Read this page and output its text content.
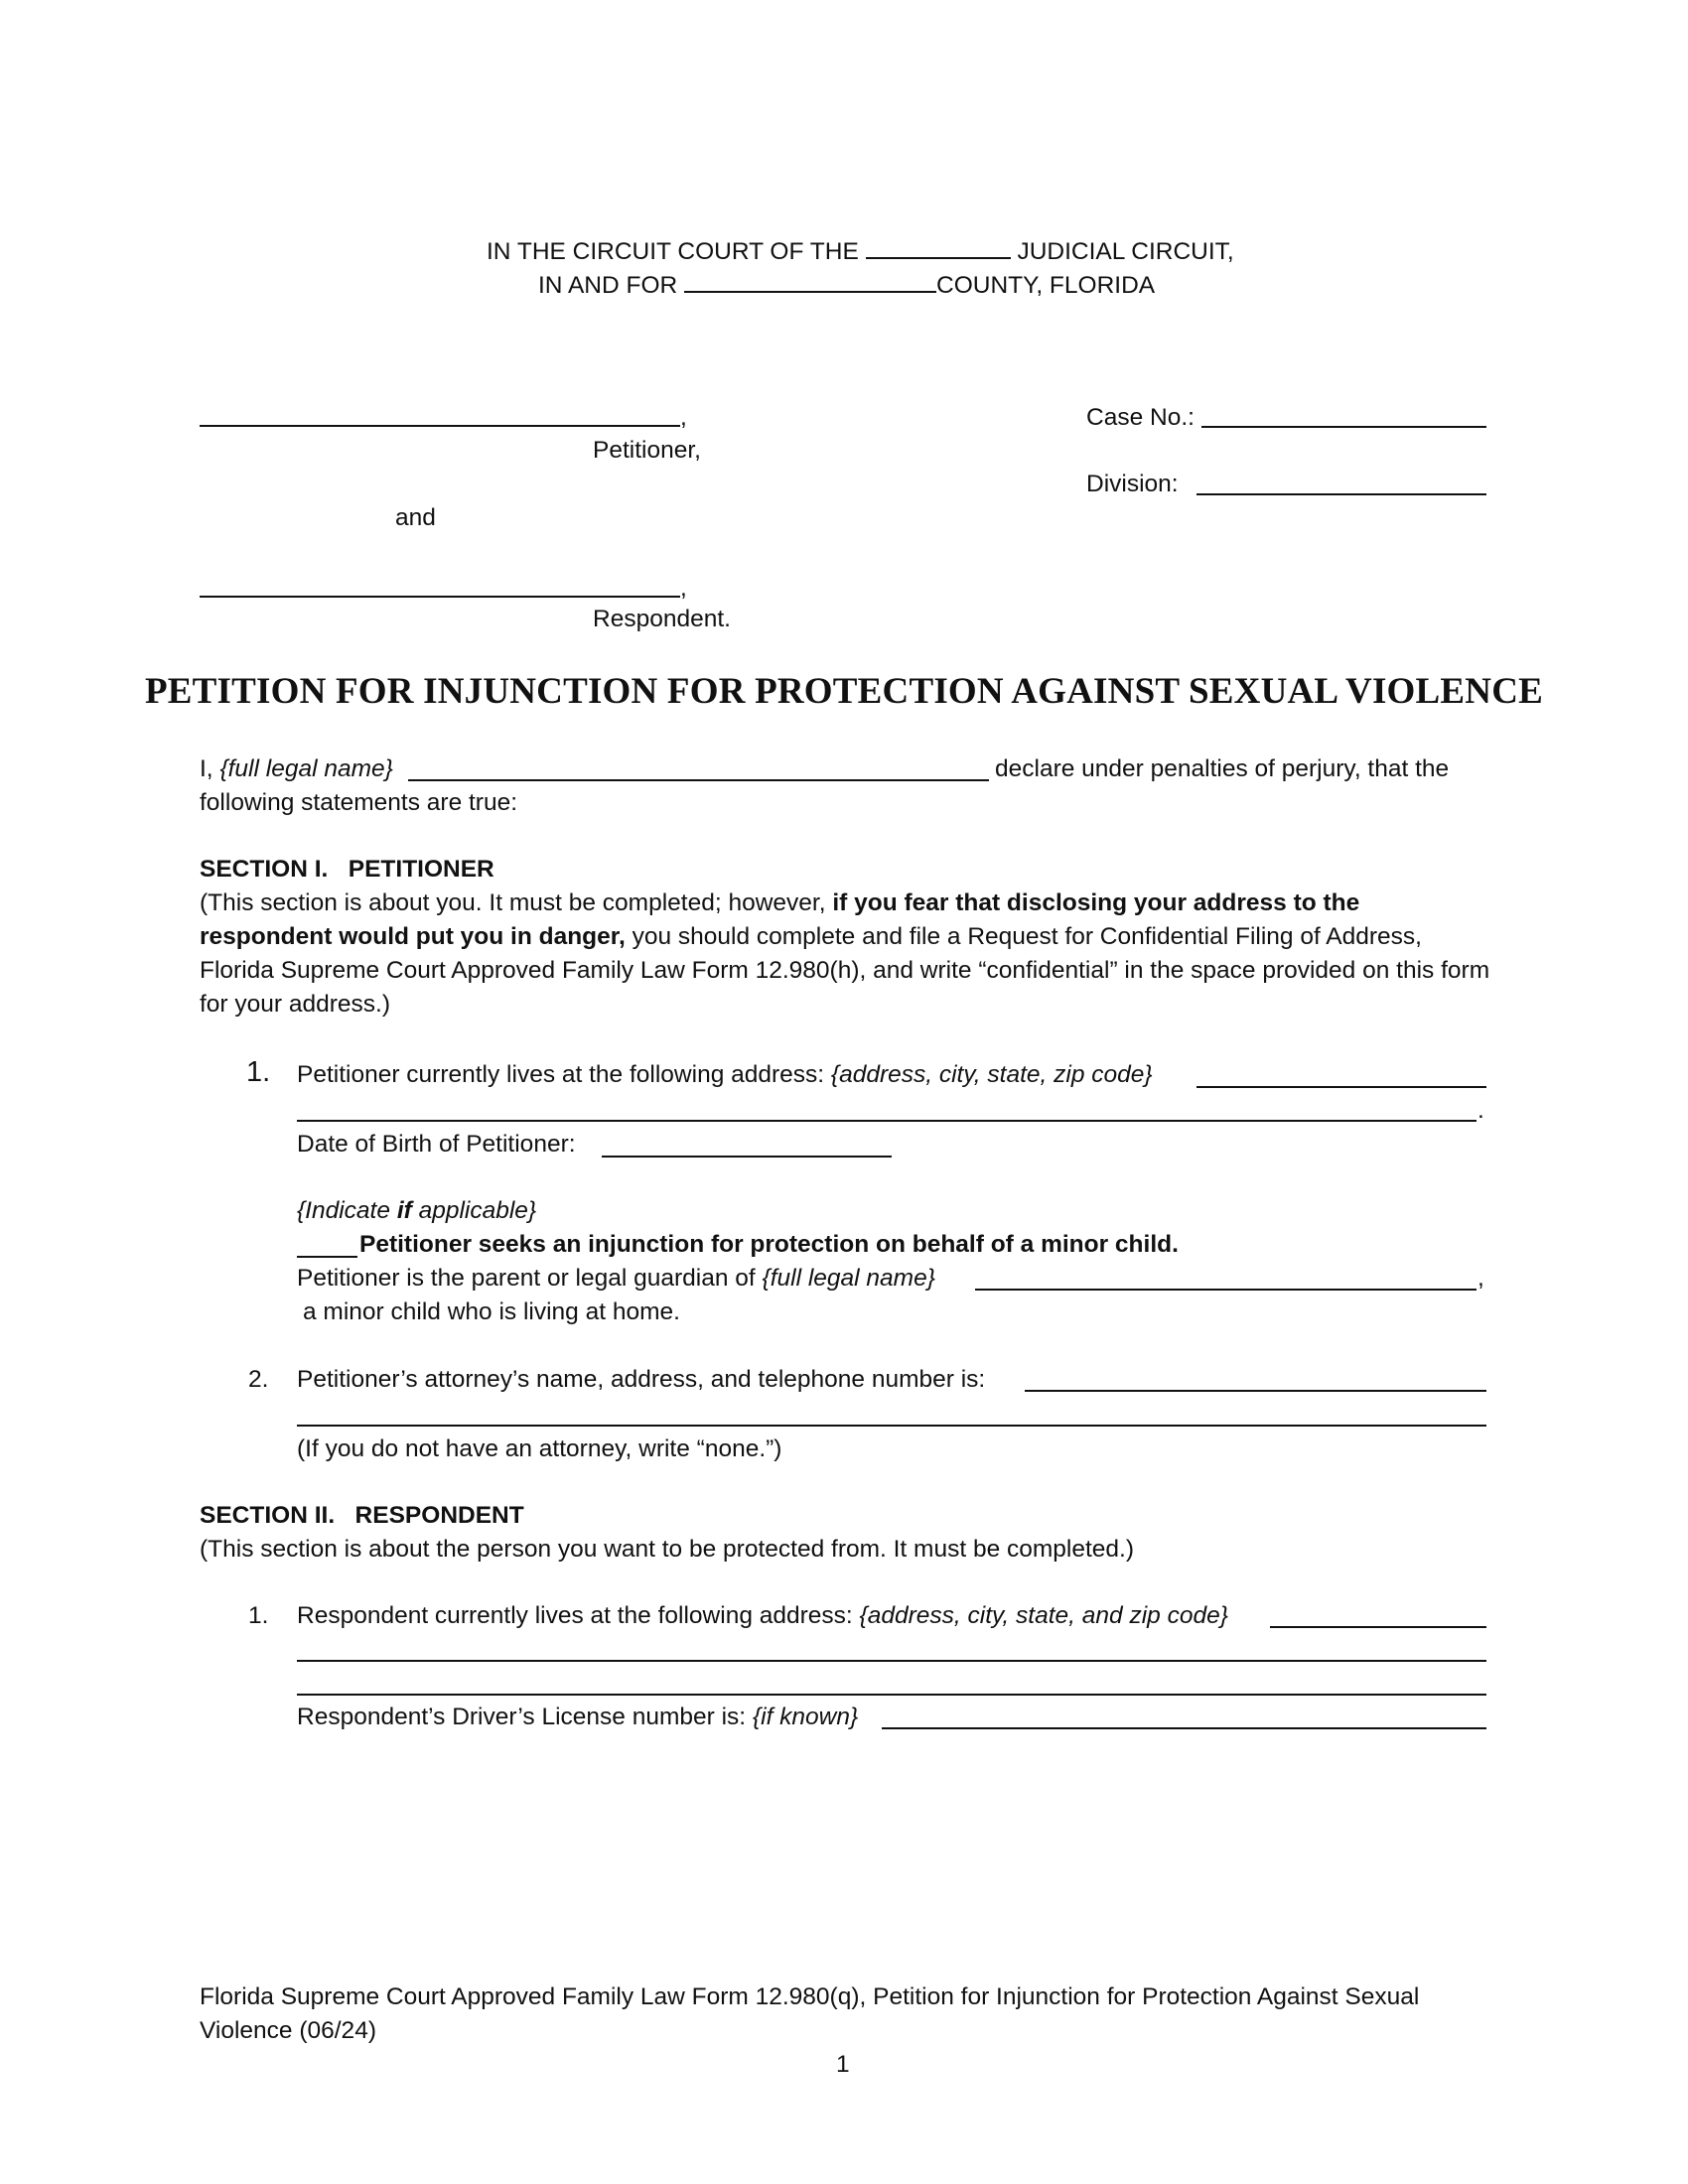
IN THE CIRCUIT COURT OF THE	JUDICIAL CIRCUIT,
IN AND FOR	COUNTY, FLORIDA
,
Petitioner,
and
,
Respondent.
Case No.:
Division:
PETITION FOR INJUNCTION FOR PROTECTION AGAINST SEXUAL VIOLENCE
I, {full legal name}	declare under penalties of perjury, that the
following statements are true:
SECTION I.   PETITIONER
(This section is about you. It must be completed; however, if you fear that disclosing your address to the respondent would put you in danger, you should complete and file a Request for Confidential Filing of Address, Florida Supreme Court Approved Family Law Form 12.980(h), and write “confidential” in the space provided on this form for your address.)
1. Petitioner currently lives at the following address: {address, city, state, zip code}
.
Date of Birth of Petitioner:
{Indicate if applicable}
Petitioner seeks an injunction for protection on behalf of a minor child.
Petitioner is the parent or legal guardian of {full legal name}	,
a minor child who is living at home.
2. Petitioner’s attorney’s name, address, and telephone number is:
(If you do not have an attorney, write “none.”)
SECTION II.   RESPONDENT
(This section is about the person you want to be protected from. It must be completed.)
1. Respondent currently lives at the following address: {address, city, state, and zip code}
Respondent’s Driver’s License number is: {if known}
Florida Supreme Court Approved Family Law Form 12.980(q), Petition for Injunction for Protection Against Sexual
Violence (06/24)
1
